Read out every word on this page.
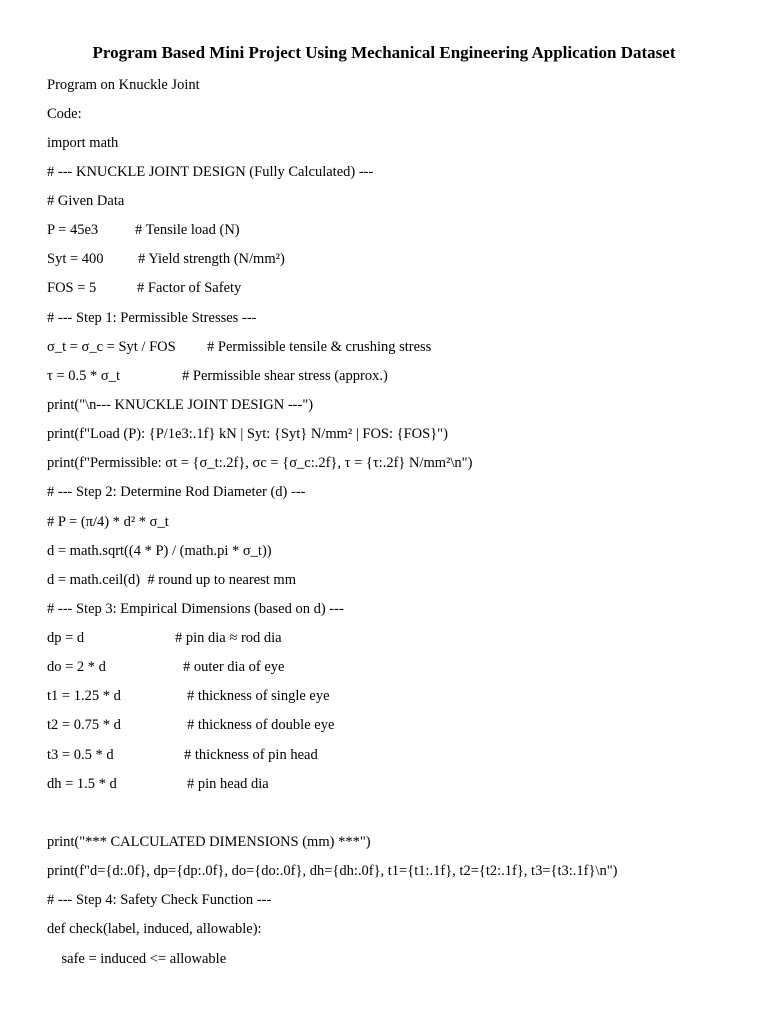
Program Based Mini Project Using Mechanical Engineering Application Dataset
Program on Knuckle Joint
Code:
import math
# --- KNUCKLE JOINT DESIGN (Fully Calculated) ---
# Given Data
P = 45e3	# Tensile load (N)
Syt = 400 # Yield strength (N/mm²)
FOS = 5	# Factor of Safety
# --- Step 1: Permissible Stresses ---
σ_t = σ_c = Syt / FOS # Permissible tensile & crushing stress
τ = 0.5 * σ_t	# Permissible shear stress (approx.)
print("\n--- KNUCKLE JOINT DESIGN ---")
print(f"Load (P): {P/1e3:.1f} kN | Syt: {Syt} N/mm² | FOS: {FOS}")
print(f"Permissible: σt = {σ_t:.2f}, σc = {σ_c:.2f}, τ = {τ:.2f} N/mm²\n")
# --- Step 2: Determine Rod Diameter (d) ---
# P = (π/4) * d² * σ_t
d = math.sqrt((4 * P) / (math.pi * σ_t))
d = math.ceil(d)  # round up to nearest mm
# --- Step 3: Empirical Dimensions (based on d) ---
dp = d	# pin dia ≈ rod dia
do = 2 * d	# outer dia of eye
t1 = 1.25 * d	# thickness of single eye
t2 = 0.75 * d	# thickness of double eye
t3 = 0.5 * d	# thickness of pin head
dh = 1.5 * d	# pin head dia
print("*** CALCULATED DIMENSIONS (mm) ***")
print(f"d={d:.0f}, dp={dp:.0f}, do={do:.0f}, dh={dh:.0f}, t1={t1:.1f}, t2={t2:.1f}, t3={t3:.1f}\n")
# --- Step 4: Safety Check Function ---
def check(label, induced, allowable):
safe = induced <= allowable
